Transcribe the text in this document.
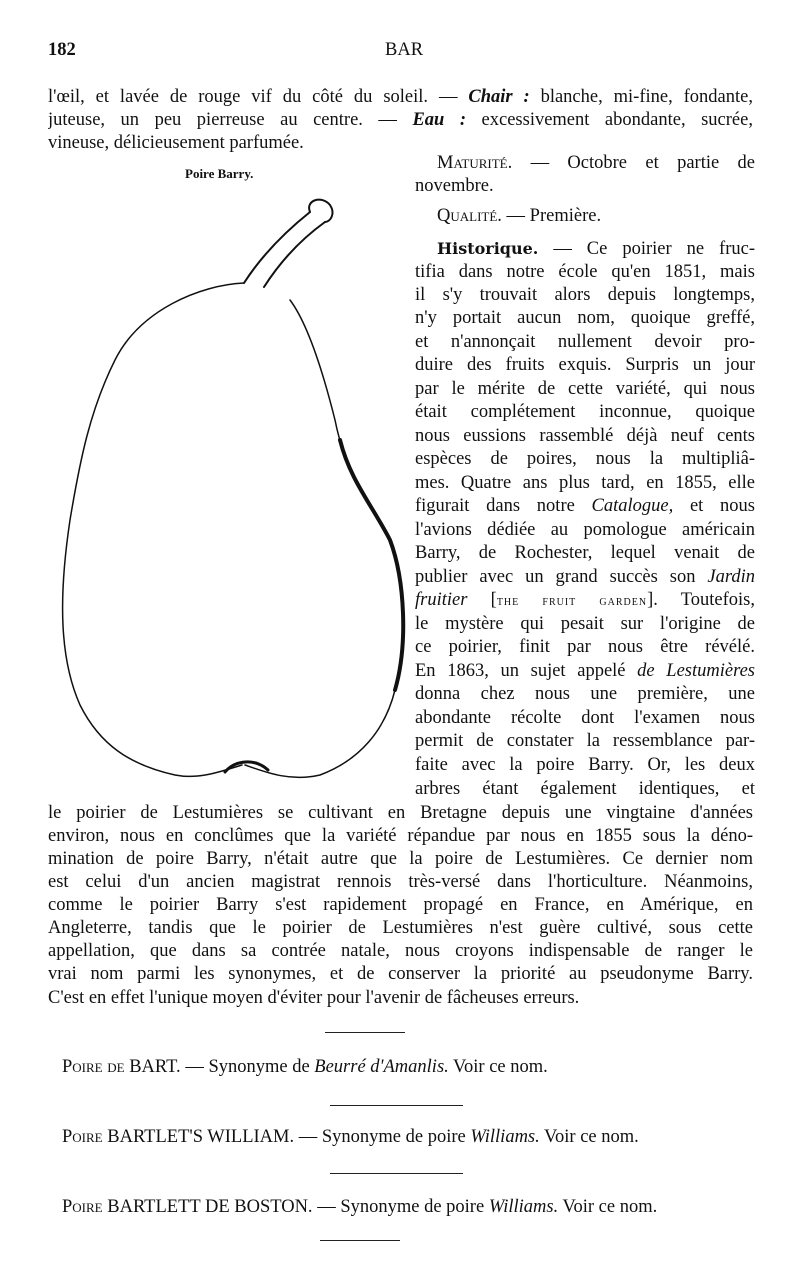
182	BAR
l'œil, et lavée de rouge vif du côté du soleil. — Chair : blanche, mi-fine, fondante,
juteuse, un peu pierreuse au centre. — Eau : excessivement abondante, sucrée,
vineuse, délicieusement parfumée.
Poire Barry.
Maturité. — Octobre et partie de
novembre.
Qualité. — Première.
Historique. — Ce poirier ne fruc-
tifia dans notre école qu'en 1851, mais
il s'y trouvait alors depuis longtemps,
n'y portait aucun nom, quoique greffé,
et n'annonçait nullement devoir pro-
duire des fruits exquis. Surpris un jour
par le mérite de cette variété, qui nous
était complétement inconnue, quoique
nous eussions rassemblé déjà neuf cents
espèces de poires, nous la multipliâ-
mes. Quatre ans plus tard, en 1855, elle
figurait dans notre Catalogue, et nous
l'avions dédiée au pomologue américain
Barry, de Rochester, lequel venait de
publier avec un grand succès son Jardin
fruitier [the fruit garden]. Toutefois,
le mystère qui pesait sur l'origine de
ce poirier, finit par nous être révélé.
En 1863, un sujet appelé de Lestumières
donna chez nous une première, une
abondante récolte dont l'examen nous
permit de constater la ressemblance par-
faite avec la poire Barry. Or, les deux
arbres étant également identiques, et
le poirier de Lestumières se cultivant en Bretagne depuis une vingtaine d'années
environ, nous en conclûmes que la variété répandue par nous en 1855 sous la déno-
mination de poire Barry, n'était autre que la poire de Lestumières. Ce dernier nom
est celui d'un ancien magistrat rennois très-versé dans l'horticulture. Néanmoins,
comme le poirier Barry s'est rapidement propagé en France, en Amérique, en
Angleterre, tandis que le poirier de Lestumières n'est guère cultivé, sous cette
appellation, que dans sa contrée natale, nous croyons indispensable de ranger le
vrai nom parmi les synonymes, et de conserver la priorité au pseudonyme Barry.
C'est en effet l'unique moyen d'éviter pour l'avenir de fâcheuses erreurs.
Poire de BART. — Synonyme de Beurré d'Amanlis. Voir ce nom.
Poire BARTLET'S WILLIAM. — Synonyme de poire Williams. Voir ce nom.
Poire BARTLETT DE BOSTON. — Synonyme de poire Williams. Voir ce nom.
